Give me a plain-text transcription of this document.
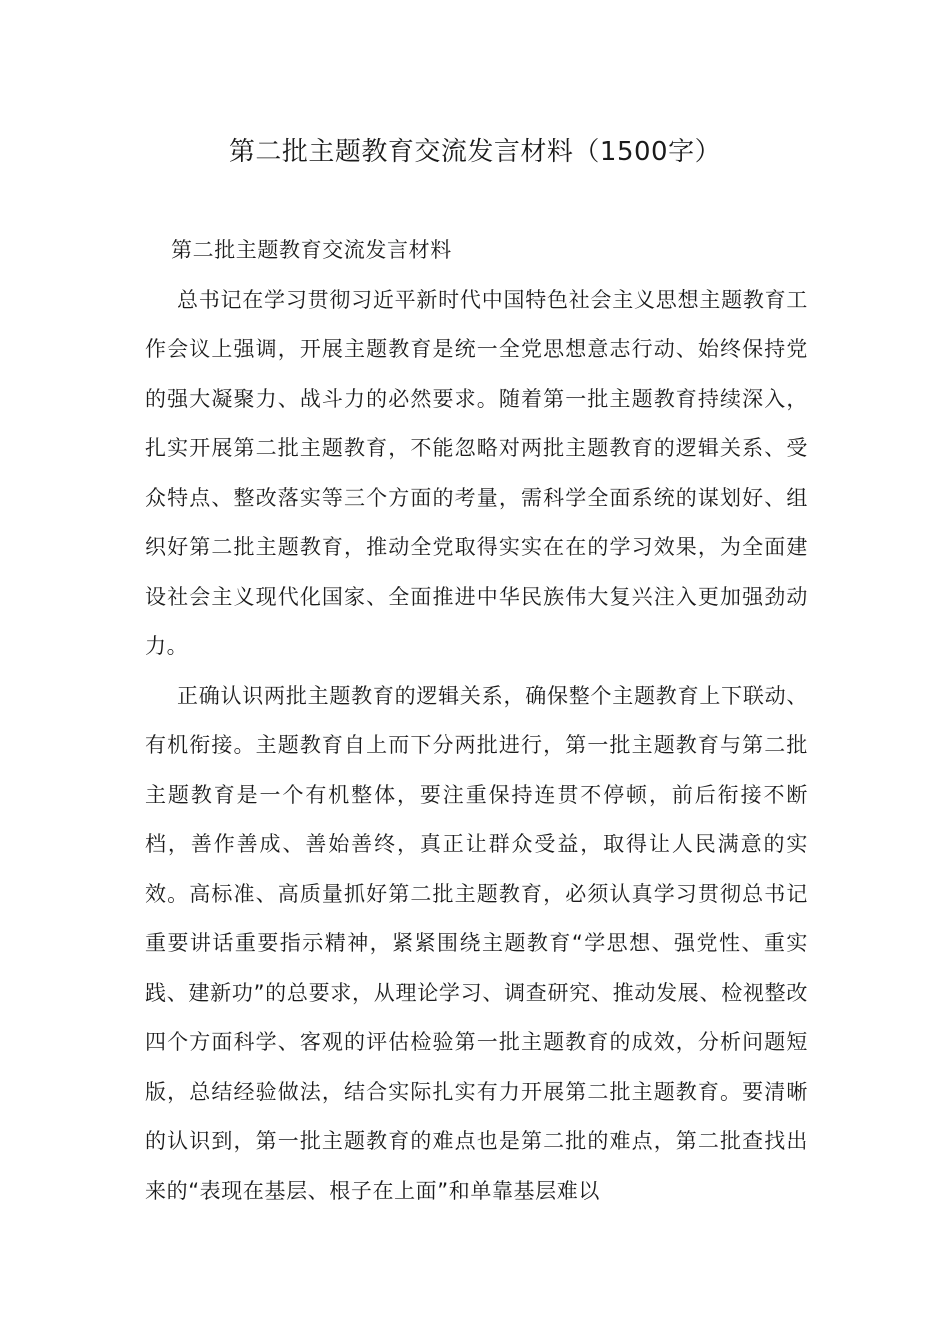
第二批主题教育交流发言材料（1500字）

第二批主题教育交流发言材料

总书记在学习贯彻习近平新时代中国特色社会主义思想主题教育工作会议上强调，开展主题教育是统一全党思想意志行动、始终保持党的强大凝聚力、战斗力的必然要求。随着第一批主题教育持续深入，扎实开展第二批主题教育，不能忽略对两批主题教育的逻辑关系、受众特点、整改落实等三个方面的考量，需科学全面系统的谋划好、组织好第二批主题教育，推动全党取得实实在在的学习效果，为全面建设社会主义现代化国家、全面推进中华民族伟大复兴注入更加强劲动力。

正确认识两批主题教育的逻辑关系，确保整个主题教育上下联动、有机衔接。主题教育自上而下分两批进行，第一批主题教育与第二批主题教育是一个有机整体，要注重保持连贯不停顿，前后衔接不断档，善作善成、善始善终，真正让群众受益，取得让人民满意的实效。高标准、高质量抓好第二批主题教育，必须认真学习贯彻总书记重要讲话重要指示精神，紧紧围绕主题教育“学思想、强党性、重实践、建新功”的总要求，从理论学习、调查研究、推动发展、检视整改四个方面科学、客观的评估检验第一批主题教育的成效，分析问题短版，总结经验做法，结合实际扎实有力开展第二批主题教育。要清晰的认识到，第一批主题教育的难点也是第二批的难点，第二批查找出来的“表现在基层、根子在上面”和单靠基层难以
